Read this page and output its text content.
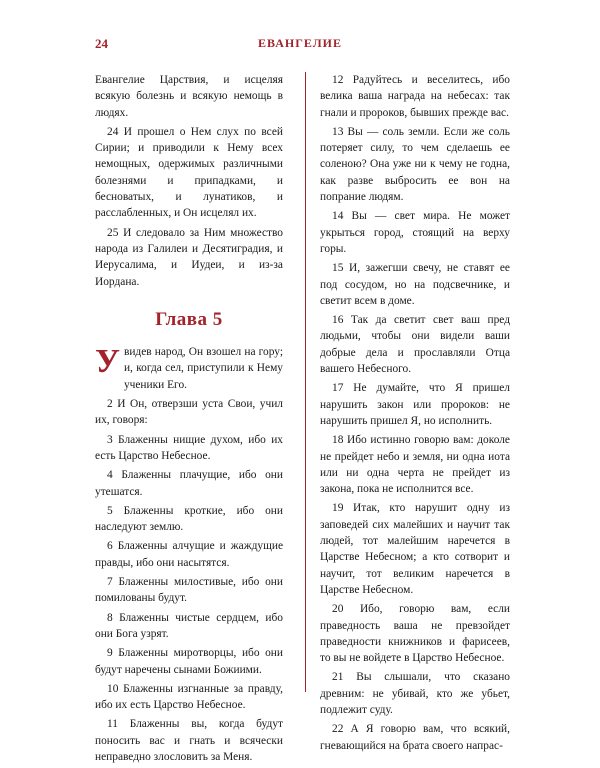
24	ЕВАНГЕЛИЕ

Евангелие Царствия, и исцеляя всякую болезнь и всякую немощь в людях.

24 И прошел о Нем слух по всей Сирии; и приводили к Нему всех немощных, одержимых различными болезнями и припадками, и бесноватых, и лунатиков, и расслабленных, и Он исцелял их.

25 И следовало за Ним множество народа из Галилеи и Десятиградия, и Иерусалима, и Иудеи, и из-за Иордана.

Глава 5

Увидев народ, Он взошел на гору; и, когда сел, приступили к Нему ученики Его.

2 И Он, отверзши уста Свои, учил их, говоря:

3 Блаженны нищие духом, ибо их есть Царство Небесное.

4 Блаженны плачущие, ибо они утешатся.

5 Блаженны кроткие, ибо они наследуют землю.

6 Блаженны алчущие и жаждущие правды, ибо они насытятся.

7 Блаженны милостивые, ибо они помилованы будут.

8 Блаженны чистые сердцем, ибо они Бога узрят.

9 Блаженны миротворцы, ибо они будут наречены сынами Божиими.

10 Блаженны изгнанные за правду, ибо их есть Царство Небесное.

11 Блаженны вы, когда будут поносить вас и гнать и всячески неправедно злословить за Меня.

12 Радуйтесь и веселитесь, ибо велика ваша награда на небесах: так гнали и пророков, бывших прежде вас.

13 Вы — соль земли. Если же соль потеряет силу, то чем сделаешь ее соленою? Она уже ни к чему не годна, как разве выбросить ее вон на попрание людям.

14 Вы — свет мира. Не может укрыться город, стоящий на верху горы.

15 И, зажегши свечу, не ставят ее под сосудом, но на подсвечнике, и светит всем в доме.

16 Так да светит свет ваш пред людьми, чтобы они видели ваши добрые дела и прославляли Отца вашего Небесного.

17 Не думайте, что Я пришел нарушить закон или пророков: не нарушить пришел Я, но исполнить.

18 Ибо истинно говорю вам: доколе не прейдет небо и земля, ни одна иота или ни одна черта не прейдет из закона, пока не исполнится все.

19 Итак, кто нарушит одну из заповедей сих малейших и научит так людей, тот малейшим наречется в Царстве Небесном; а кто сотворит и научит, тот великим наречется в Царстве Небесном.

20 Ибо, говорю вам, если праведность ваша не превзойдет праведности книжников и фарисеев, то вы не войдете в Царство Небесное.

21 Вы слышали, что сказано древним: не убивай, кто же убьет, подлежит суду.

22 А Я говорю вам, что всякий, гневающийся на брата своего напрас-
